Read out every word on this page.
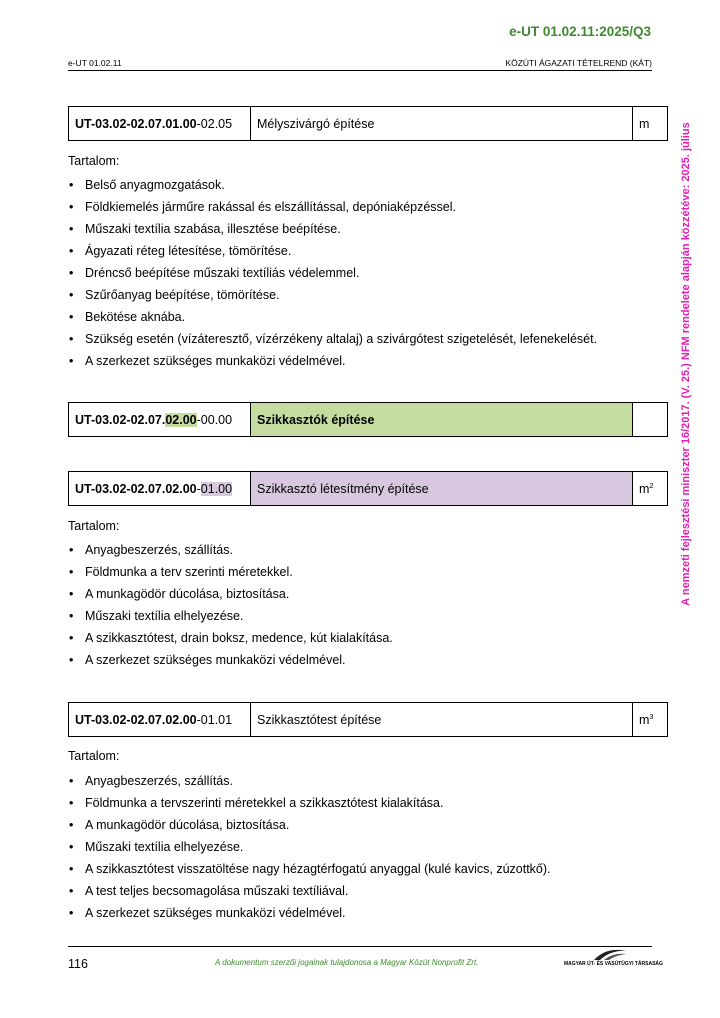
e-UT 01.02.11:2025/Q3
e-UT 01.02.11	KÖZÚTI ÁGAZATI TÉTELREND (KÁT)
A nemzeti fejlesztési miniszter 16/2017. (V. 25.) NFM rendelete alapján közzétéve: 2025. július
UT-03.02-02.07.01.00-02.05	Mélyszivárgó építése	m
Tartalom:
• Belső anyagmozgatások.
• Földkiemelés járműre rakással és elszállítással, depóniaképzéssel.
• Műszaki textília szabása, illesztése beépítése.
• Ágyazati réteg létesítése, tömörítése.
• Dréncső beépítése műszaki textíliás védelemmel.
• Szűrőanyag beépítése, tömörítése.
• Bekötése aknába.
• Szükség esetén (vízáteresztő, vízérzékeny altalaj) a szivárgótest szigetelését, lefenekelését.
• A szerkezet szükséges munkaközi védelmével.
UT-03.02-02.07.02.00-00.00	Szikkasztók építése	
UT-03.02-02.07.02.00-01.00	Szikkasztó létesítmény építése	$m^2$
Tartalom:
• Anyagbeszerzés, szállítás.
• Földmunka a terv szerinti méretekkel.
• A munkagödör dúcolása, biztosítása.
• Műszaki textília elhelyezése.
• A szikkasztótest, drain boksz, medence, kút kialakítása.
• A szerkezet szükséges munkaközi védelmével.
UT-03.02-02.07.02.00-01.01	Szikkasztótest építése	$m^3$
Tartalom:
• Anyagbeszerzés, szállítás.
• Földmunka a tervszerinti méretekkel a szikkasztótest kialakítása.
• A munkagödör dúcolása, biztosítása.
• Műszaki textília elhelyezése.
• A szikkasztótest visszatöltése nagy hézagtérfogatú anyaggal (kulé kavics, zúzottkő).
• A test teljes becsomagolása műszaki textíliával.
• A szerkezet szükséges munkaközi védelmével.
116	A dokumentum szerzői jogainak tulajdonosa a Magyar Közút Nonprofit Zrt.	MAGYAR ÚT- ÉS VASÚTÜGYI TÁRSASÁG
